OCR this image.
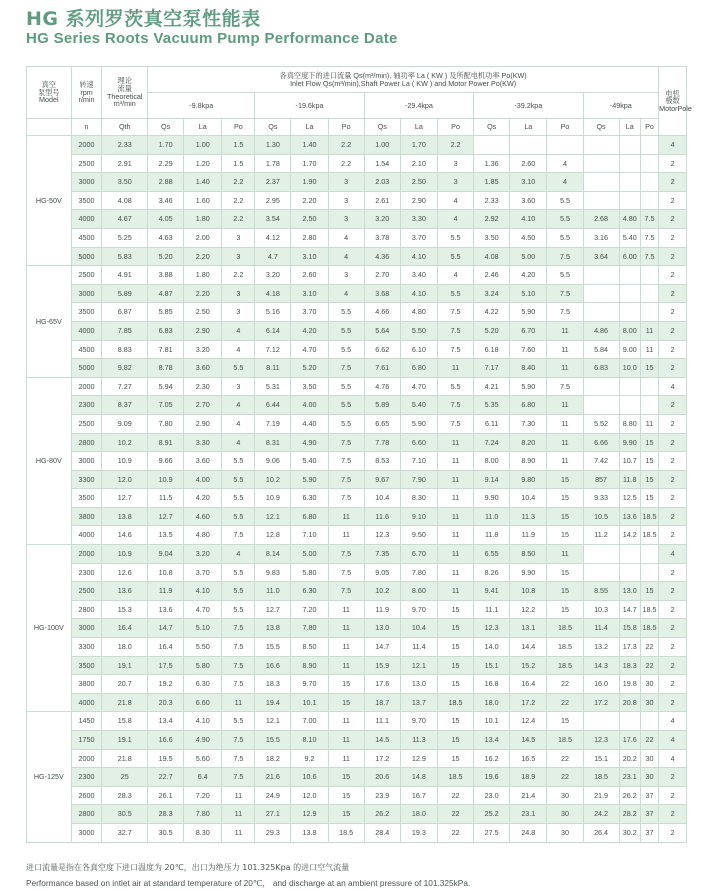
HG 系列罗茨真空泵性能表
HG Series Roots Vacuum Pump Performance Date
真空
泵型号
Model	转速
rpm
r/min	理论
流量
Theoretical
m³/min	各真空度下的进口流量 Qs(m³/min), 轴功率 La ( KW ) 及所配电机功率 Po(KW)
Inlet Flow Qs(m³/min),Shaft Power La ( KW ) and Motor Power Po(KW)															电机
极数
MotorPole
			-9.8kpa			-19.6kpa			-29.4kpa			-39.2kpa			-49kpa			
	n	Qth	Qs	La	Po	Qs	La	Po	Qs	La	Po	Qs	La	Po	Qs	La	Po	
HG-50V	2000	2.33	1.70	1.00	1.5	1.30	1.40	2.2	1.00	1.70	2.2							4
	2500	2.91	2.29	1.20	1.5	1.78	1.70	2.2	1.54	2.10	3	1.36	2.60	4				2
	3000	3.50	2.88	1.40	2.2	2.37	1.90	3	2.03	2.50	3	1.85	3.10	4				2
	3500	4.08	3.46	1.60	2.2	2.95	2.20	3	2.61	2.90	4	2.33	3.60	5.5				2
	4000	4.67	4.05	1.80	2.2	3.54	2.50	3	3.20	3.30	4	2.92	4.10	5.5	2.68	4.80	7.5	2
	4500	5.25	4.63	2.00	3	4.12	2.80	4	3.78	3.70	5.5	3.50	4.50	5.5	3.16	5.40	7.5	2
	5000	5.83	5.20	2.20	3	4.7	3.10	4	4.36	4.10	5.5	4.08	5.00	7.5	3.64	6.00	7.5	2
HG-65V	2500	4.91	3.88	1.80	2.2	3.20	2.60	3	2.70	3.40	4	2.46	4.20	5.5				2
	3000	5.89	4.87	2.20	3	4.18	3.10	4	3.68	4.10	5.5	3.24	5.10	7.5				2
	3500	6.87	5.85	2.50	3	5.16	3.70	5.5	4.66	4.80	7.5	4.22	5.90	7.5				2
	4000	7.85	6.83	2.90	4	6.14	4.20	5.5	5.64	5.50	7.5	5.20	6.70	11	4.86	8.00	11	2
	4500	8.83	7.81	3.20	4	7.12	4.70	5.5	6.62	6.10	7.5	6.18	7.60	11	5.84	9.00	11	2
	5000	9.82	8.78	3.60	5.5	8.11	5.20	7.5	7.61	6.80	11	7.17	8.40	11	6.83	10.0	15	2
HG-80V	2000	7.27	5.94	2.30	3	5.31	3.50	5.5	4.76	4.70	5.5	4.21	5.90	7.5				4
	2300	8.37	7.05	2.70	4	6.44	4.00	5.5	5.89	5.40	7.5	5.35	6.80	11				2
	2500	9.09	7.80	2.90	4	7.19	4.40	5.5	6.65	5.90	7.5	6.11	7.30	11	5.52	8.80	11	2
	2800	10.2	8.91	3.30	4	8.31	4.90	7.5	7.78	6.60	11	7.24	8.20	11	6.66	9.90	15	2
	3000	10.9	9.66	3.60	5.5	9.06	5.40	7.5	8.53	7.10	11	8.00	8.90	11	7.42	10.7	15	2
	3300	12.0	10.9	4.00	5.5	10.2	5.90	7.5	9.67	7.90	11	9.14	9.80	15	857	11.8	15	2
	3500	12.7	11.5	4.20	5.5	10.9	6.30	7.5	10.4	8.30	11	9.90	10.4	15	9.33	12.5	15	2
	3800	13.8	12.7	4.60	5.5	12.1	6.80	11	11.6	9.10	11	11.0	11.3	15	10.5	13.6	18.5	2
	4000	14.6	13.5	4.80	7.5	12.8	7.10	11	12.3	9.50	11	11.8	11.9	15	11.2	14.2	18.5	2
HG-100V	2000	10.9	9.04	3.20	4	8.14	5.00	7.5	7.35	6.70	11	6.55	8.50	11				4
	2300	12.6	10.8	3.70	5.5	9.83	5.80	7.5	9.05	7.80	11	8.26	9.90	15				2
	2500	13.6	11.9	4.10	5.5	11.0	6.30	7.5	10.2	8.60	11	9.41	10.8	15	8.55	13.0	15	2
	2800	15.3	13.6	4.70	5.5	12.7	7.20	11	11.9	9.70	15	11.1	12.2	15	10.3	14.7	18.5	2
	3000	16.4	14.7	5.10	7.5	13.8	7.80	11	13.0	10.4	15	12.3	13.1	18.5	11.4	15.8	18.5	2
	3300	18.0	16.4	5.50	7.5	15.5	8.50	11	14.7	11.4	15	14.0	14.4	18.5	13.2	17.3	22	2
	3500	19.1	17.5	5.80	7.5	16.6	8.90	11	15.9	12.1	15	15.1	15.2	18.5	14.3	18.3	22	2
	3800	20.7	19.2	6.30	7.5	18.3	9.70	15	17.6	13.0	15	16.8	16.4	22	16.0	19.8	30	2
	4000	21.8	20.3	6.60	11	19.4	10.1	15	18.7	13.7	18.5	18.0	17.2	22	17.2	20.8	30	2
HG-125V	1450	15.8	13.4	4.10	5.5	12.1	7.00	11	11.1	9.70	15	10.1	12.4	15				4
	1750	19.1	16.6	4.90	7.5	15.5	8.10	11	14.5	11.3	15	13.4	14.5	18.5	12.3	17.6	22	4
	2000	21.8	19.5	5.60	7.5	18.2	9.2	11	17.2	12.9	15	16.2	16.5	22	15.1	20.2	30	4
	2300	25	22.7	6.4	7.5	21.6	10.6	15	20.6	14.8	18.5	19.6	18.9	22	18.5	23.1	30	2
	2600	28.3	26.1	7.20	11	24.9	12.0	15	23.9	16.7	22	23.0	21.4	30	21.9	26.2	37	2
	2800	30.5	28.3	7.80	11	27.1	12.9	15	26.2	18.0	22	25.2	23.1	30	24.2	28.2	37	2
	3000	32.7	30.5	8.30	11	29.3	13.8	18.5	28.4	19.3	22	27.5	24.8	30	26.4	30.2	37	2
进口流量是指在各真空度下进口温度为 20℃，出口为绝压力 101.325Kpa 的进口空气流量
Performance based on intlet air at standard temperature of 20℃， and discharge at an ambient pressure of 101.325kPa.
